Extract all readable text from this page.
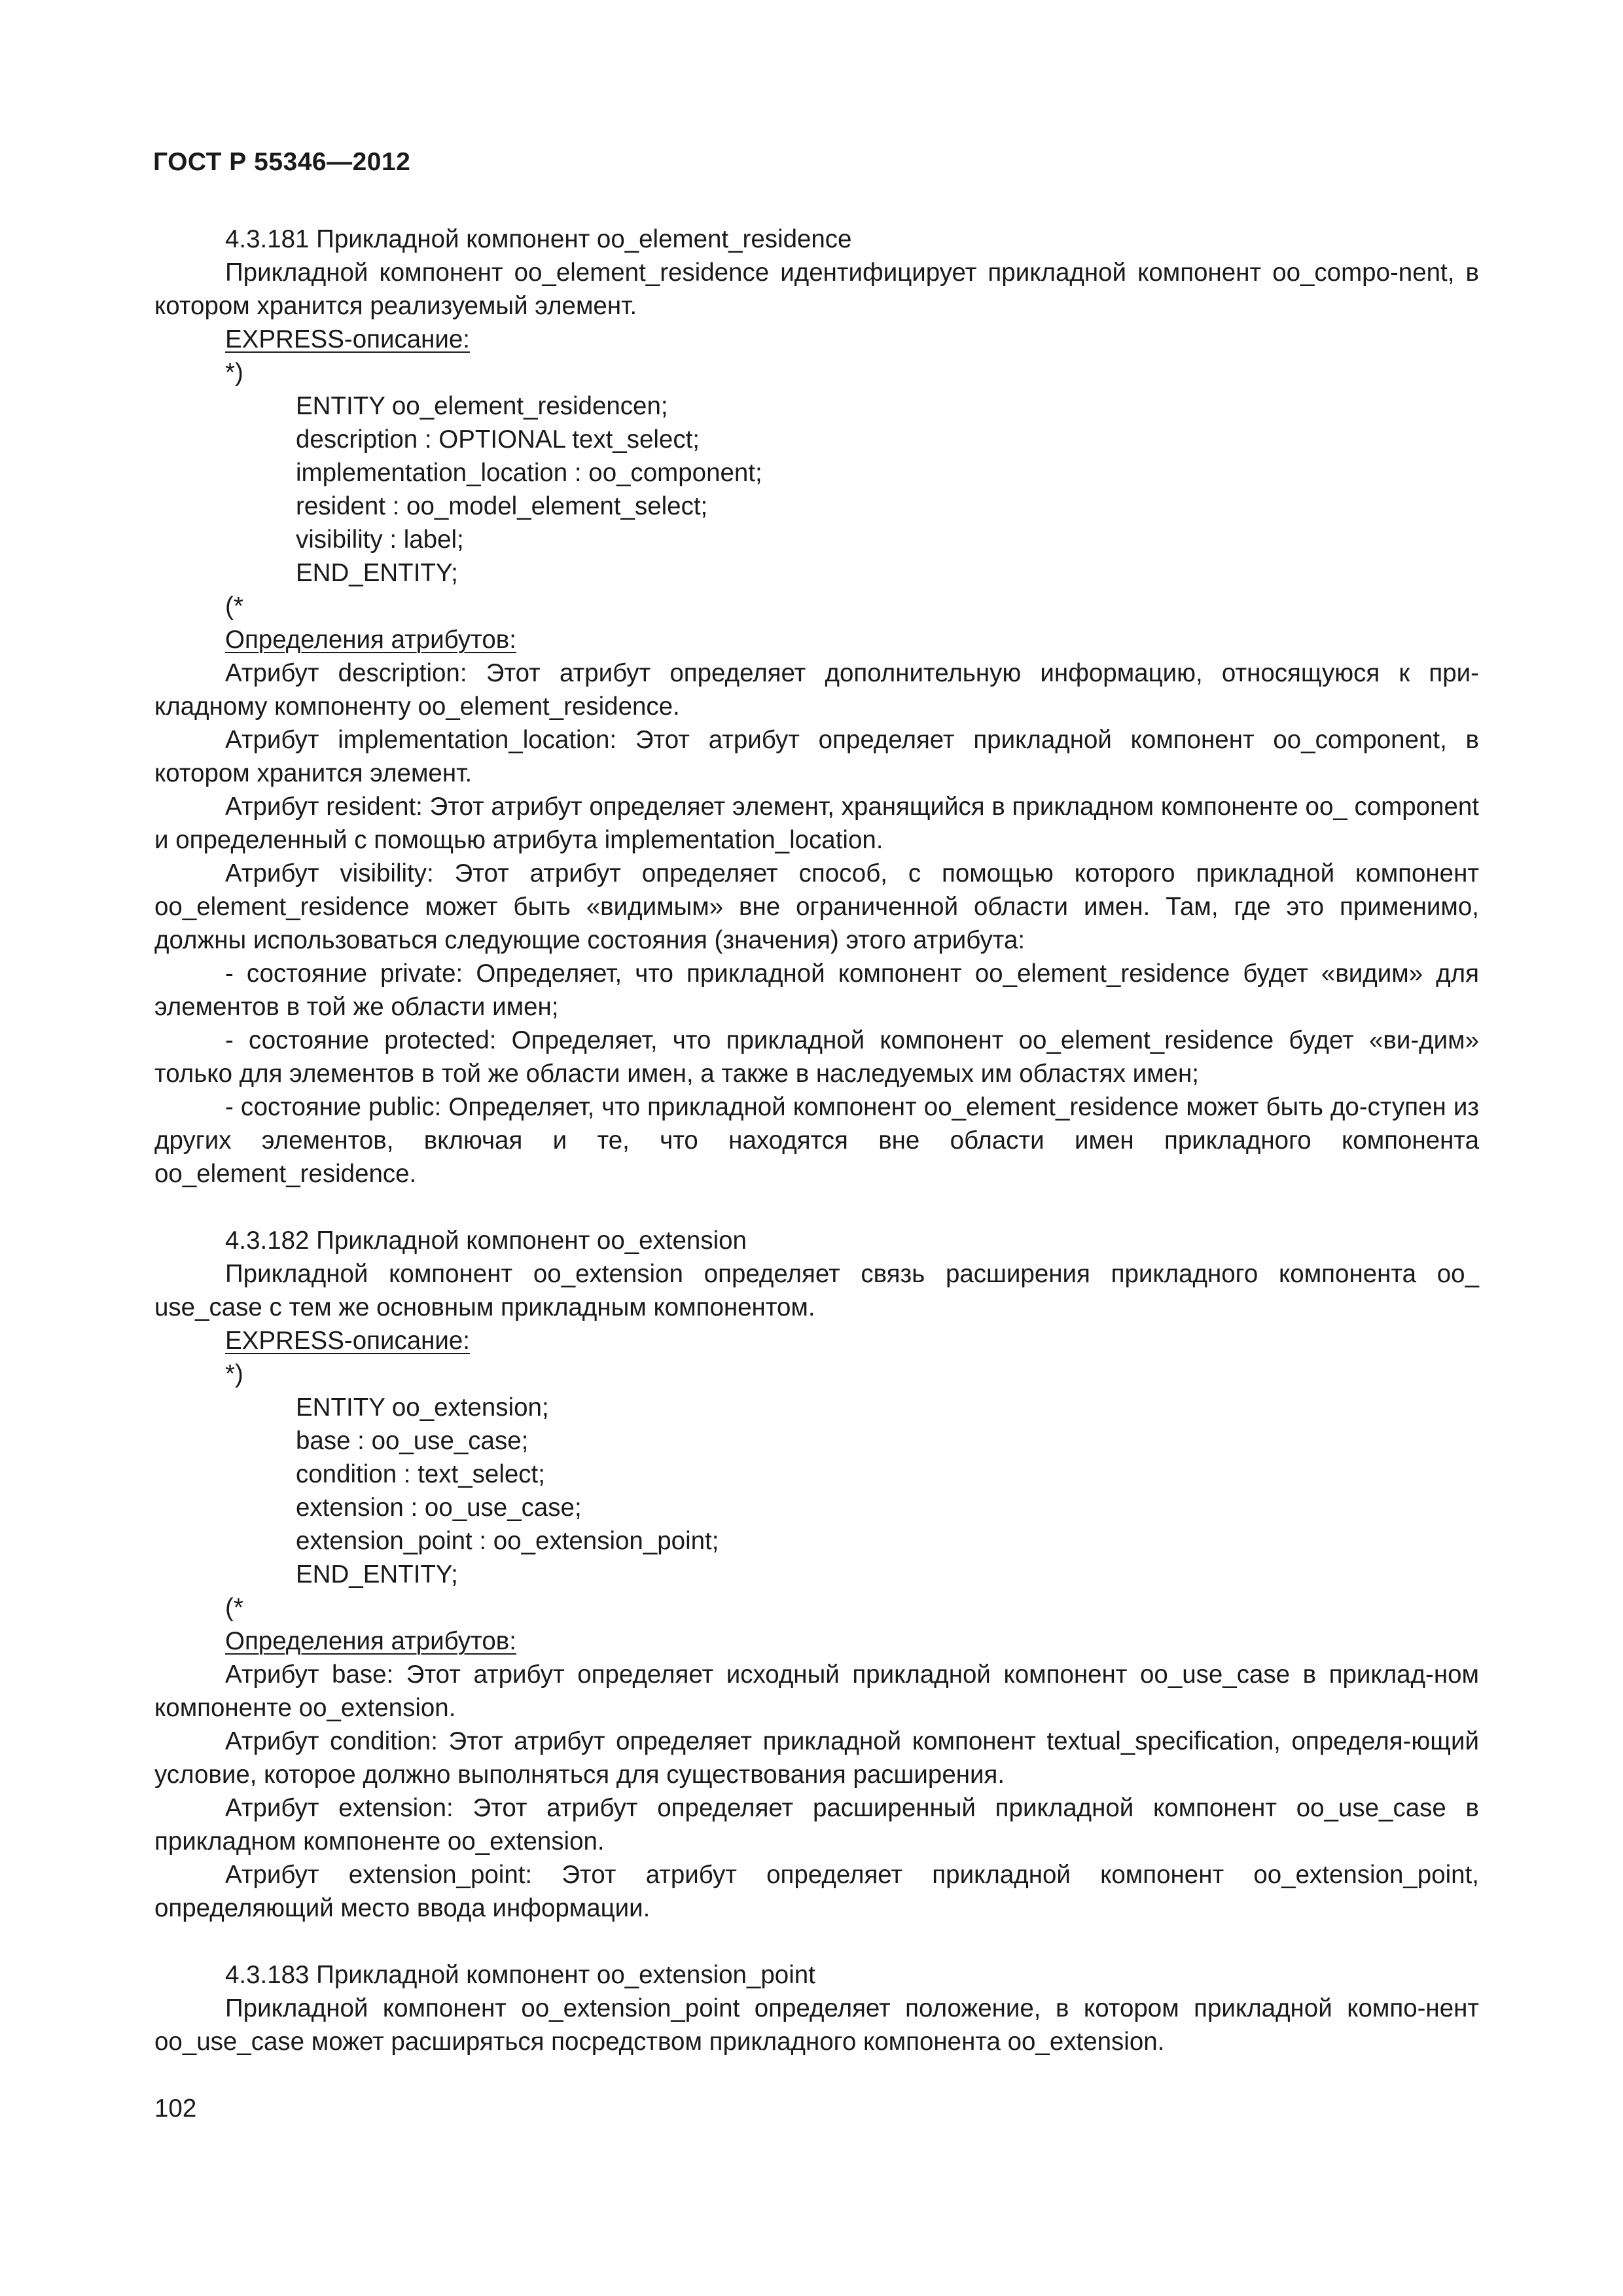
ГОСТ Р 55346—2012

4.3.181 Прикладной компонент oo_element_residence

Прикладной компонент oo_element_residence идентифицирует прикладной компонент oo_compo-nent, в котором хранится реализуемый элемент.

EXPRESS-описание:

*)

ENTITY oo_element_residencen;

description : OPTIONAL text_select;

implementation_location : oo_component;

resident : oo_model_element_select;

visibility : label;

END_ENTITY;

(*

Определения атрибутов:

Атрибут description: Этот атрибут определяет дополнительную информацию, относящуюся к при-кладному компоненту oo_element_residence.

Атрибут implementation_location: Этот атрибут определяет прикладной компонент oo_component, в котором хранится элемент.

Атрибут resident: Этот атрибут определяет элемент, хранящийся в прикладном компоненте oo_ component и определенный с помощью атрибута implementation_location.

Атрибут visibility: Этот атрибут определяет способ, с помощью которого прикладной компонент oo_element_residence может быть «видимым» вне ограниченной области имен. Там, где это применимо, должны использоваться следующие состояния (значения) этого атрибута:

- состояние private: Определяет, что прикладной компонент oo_element_residence будет «видим» для элементов в той же области имен;

- состояние protected: Определяет, что прикладной компонент oo_element_residence будет «ви-дим» только для элементов в той же области имен, а также в наследуемых им областях имен;

- состояние public: Определяет, что прикладной компонент oo_element_residence может быть до-ступен из других элементов, включая и те, что находятся вне области имен прикладного компонента oo_element_residence.

4.3.182 Прикладной компонент oo_extension

Прикладной компонент oo_extension определяет связь расширения прикладного компонента oo_ use_case с тем же основным прикладным компонентом.

EXPRESS-описание:

*)

ENTITY oo_extension;

base : oo_use_case;

condition : text_select;

extension : oo_use_case;

extension_point : oo_extension_point;

END_ENTITY;

(*

Определения атрибутов:

Атрибут base: Этот атрибут определяет исходный прикладной компонент oo_use_case в приклад-ном компоненте oo_extension.

Атрибут condition: Этот атрибут определяет прикладной компонент textual_specification, определя-ющий условие, которое должно выполняться для существования расширения.

Атрибут extension: Этот атрибут определяет расширенный прикладной компонент oo_use_case в прикладном компоненте oo_extension.

Атрибут extension_point: Этот атрибут определяет прикладной компонент oo_extension_point, определяющий место ввода информации.

4.3.183 Прикладной компонент oo_extension_point

Прикладной компонент oo_extension_point определяет положение, в котором прикладной компо-нент oo_use_case может расширяться посредством прикладного компонента oo_extension.

102
